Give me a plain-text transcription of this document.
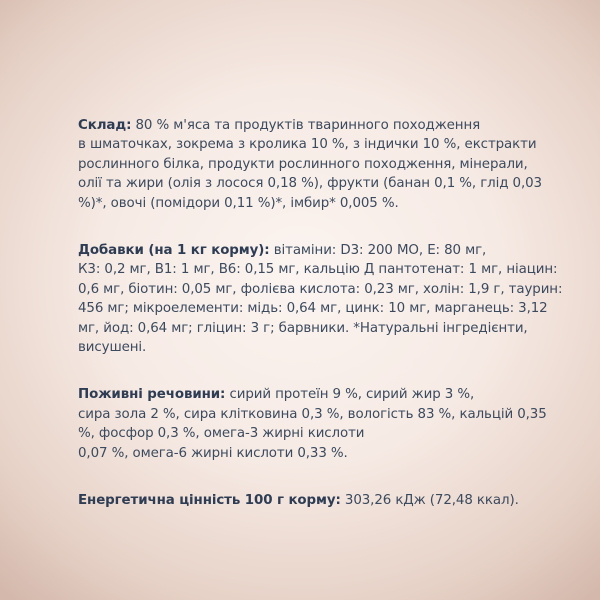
Склад: 80 % м'яса та продуктів тваринного походження
в шматочках, зокрема з кролика 10 %, з індички 10 %, екстракти
рослинного білка, продукти рослинного походження, мінерали,
олії та жири (олія з лосося 0,18 %), фрукти (банан 0,1 %, глід 0,03
%)*, овочі (помідори 0,11 %)*, імбир* 0,005 %.

Добавки (на 1 кг корму): вітаміни: D3: 200 МО, Е: 80 мг,
К3: 0,2 мг, В1: 1 мг, В6: 0,15 мг, кальцію Д пантотенат: 1 мг, ніацин:
0,6 мг, біотин: 0,05 мг, фолієва кислота: 0,23 мг, холін: 1,9 г, таурин:
456 мг; мікроелементи: мідь: 0,64 мг, цинк: 10 мг, марганець: 3,12
мг, йод: 0,64 мг; гліцин: 3 г; барвники. *Натуральні інгредієнти,
висушені.

Поживні речовини: сирий протеїн 9 %, сирий жир 3 %,
сира зола 2 %, сира клітковина 0,3 %, вологість 83 %, кальцій 0,35
%, фосфор 0,3 %, омега-3 жирні кислоти
0,07 %, омега-6 жирні кислоти 0,33 %.

Енергетична цінність 100 г корму: 303,26 кДж (72,48 ккал).
